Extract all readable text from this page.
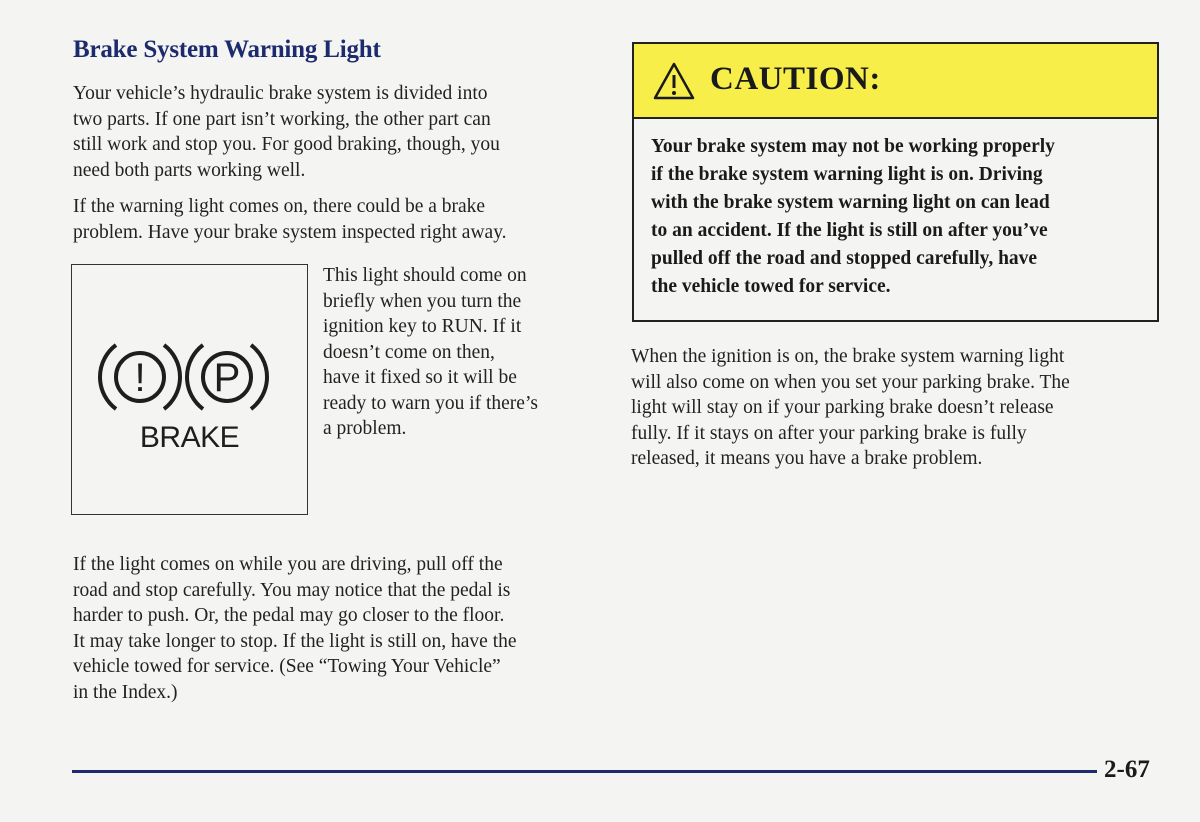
Brake System Warning Light

Your vehicle’s hydraulic brake system is divided into
two parts. If one part isn’t working, the other part can
still work and stop you. For good braking, though, you
need both parts working well.

If the warning light comes on, there could be a brake
problem. Have your brake system inspected right away.

! P
BRAKE

This light should come on
briefly when you turn the
ignition key to RUN. If it
doesn’t come on then,
have it fixed so it will be
ready to warn you if there’s
a problem.

If the light comes on while you are driving, pull off the
road and stop carefully. You may notice that the pedal is
harder to push. Or, the pedal may go closer to the floor.
It may take longer to stop. If the light is still on, have the
vehicle towed for service. (See “Towing Your Vehicle”
in the Index.)

CAUTION:

Your brake system may not be working properly
if the brake system warning light is on. Driving
with the brake system warning light on can lead
to an accident. If the light is still on after you’ve
pulled off the road and stopped carefully, have
the vehicle towed for service.

When the ignition is on, the brake system warning light
will also come on when you set your parking brake. The
light will stay on if your parking brake doesn’t release
fully. If it stays on after your parking brake is fully
released, it means you have a brake problem.

2-67
